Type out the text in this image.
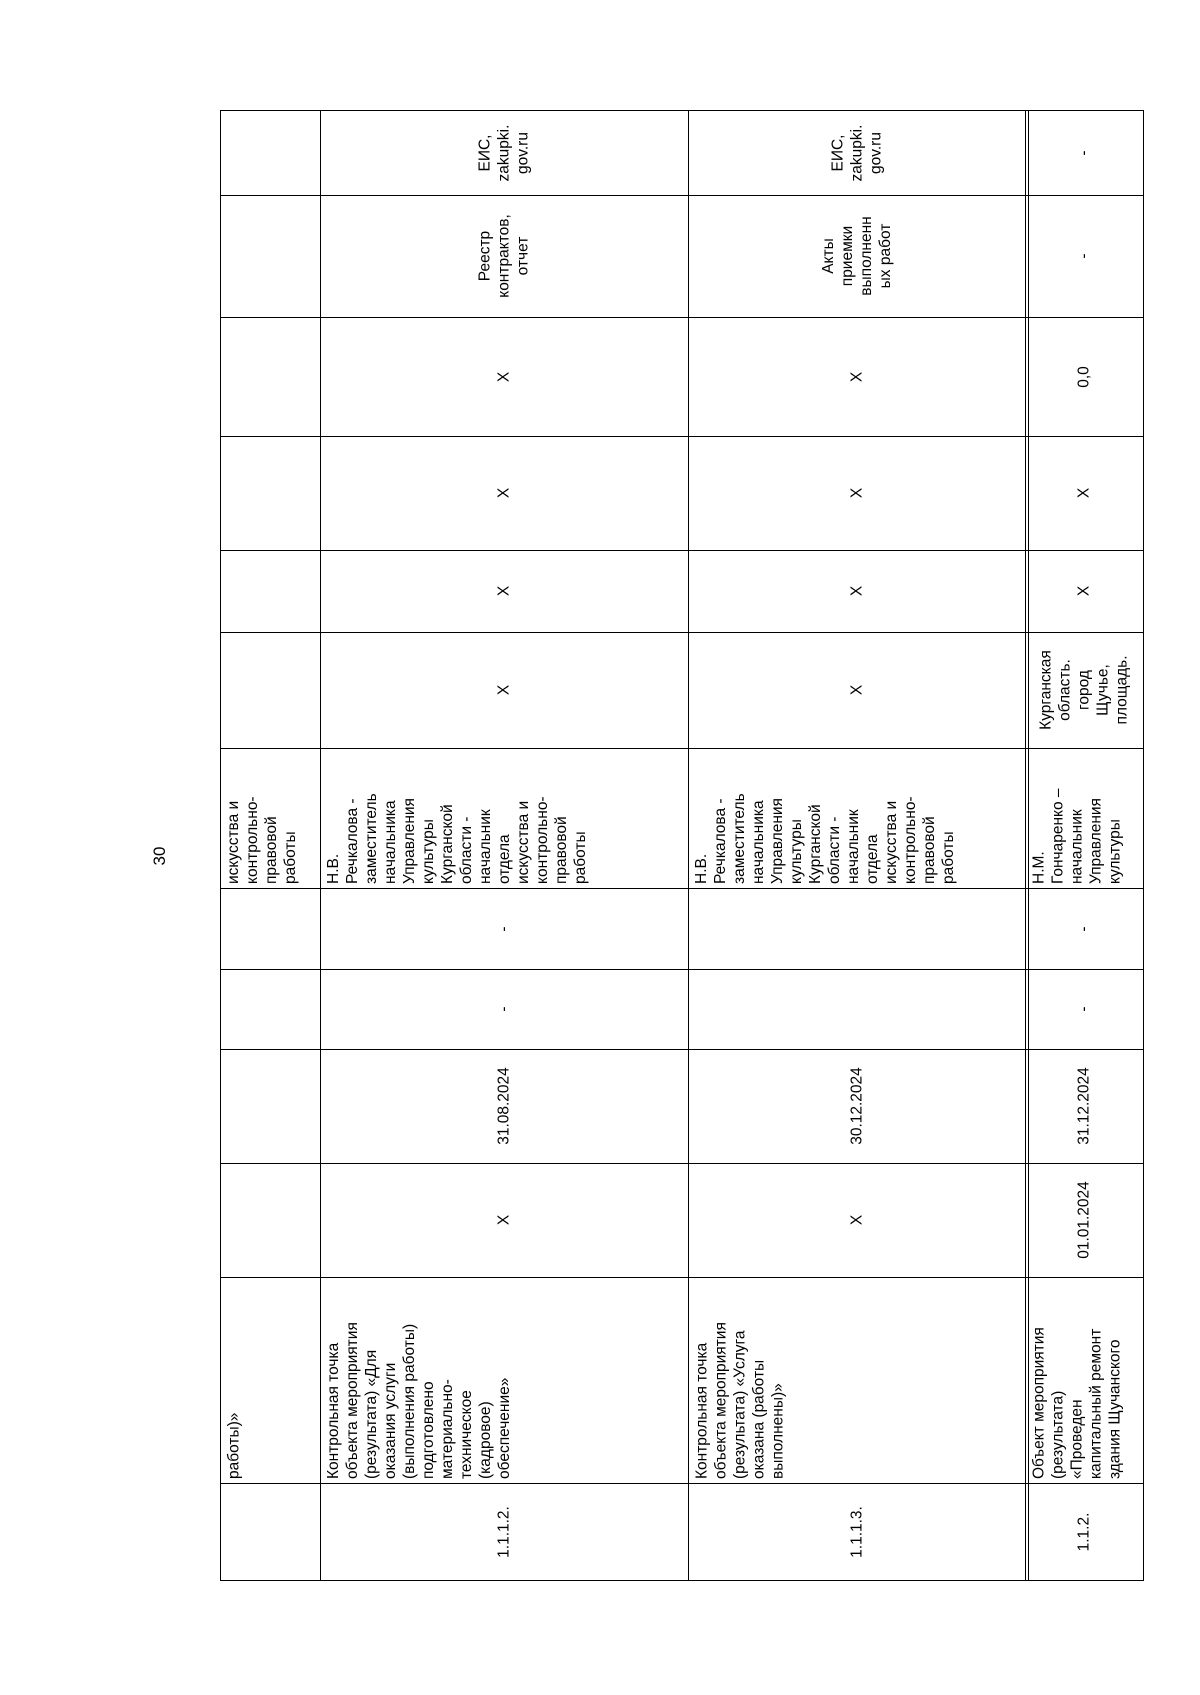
30
работы)»
искусства и контрольно- правовой работы
1.1.1.2.
Контрольная точка объекта мероприятия (результата) «Для оказания услуги (выполнения работы) подготовлено материально- техническое (кадровое) обеспечение»
X
31.08.2024
-
-
Н.В. Речкалова - заместитель начальника Управления культуры Курганской области - начальник отдела искусства и контрольно- правовой работы
X
X
X
X
Реестр контрактов, отчет
ЕИС, zakupki. gov.ru
1.1.1.3.
Контрольная точка объекта мероприятия (результата) «Услуга оказана (работы выполнены)»
X
30.12.2024
Н.В. Речкалова - заместитель начальника Управления культуры Курганской области - начальник отдела искусства и контрольно- правовой работы
X
X
X
X
Акты приемки выполненн ых работ
ЕИС, zakupki. gov.ru
1.1.2.
Объект мероприятия (результата) «Проведен капитальный ремонт здания Щучанского
01.01.2024
31.12.2024
-
-
Н.М. Гончаренко – начальник Управления культуры
Курганская область. город Щучье, площадь.
X
X
0,0
-
-
